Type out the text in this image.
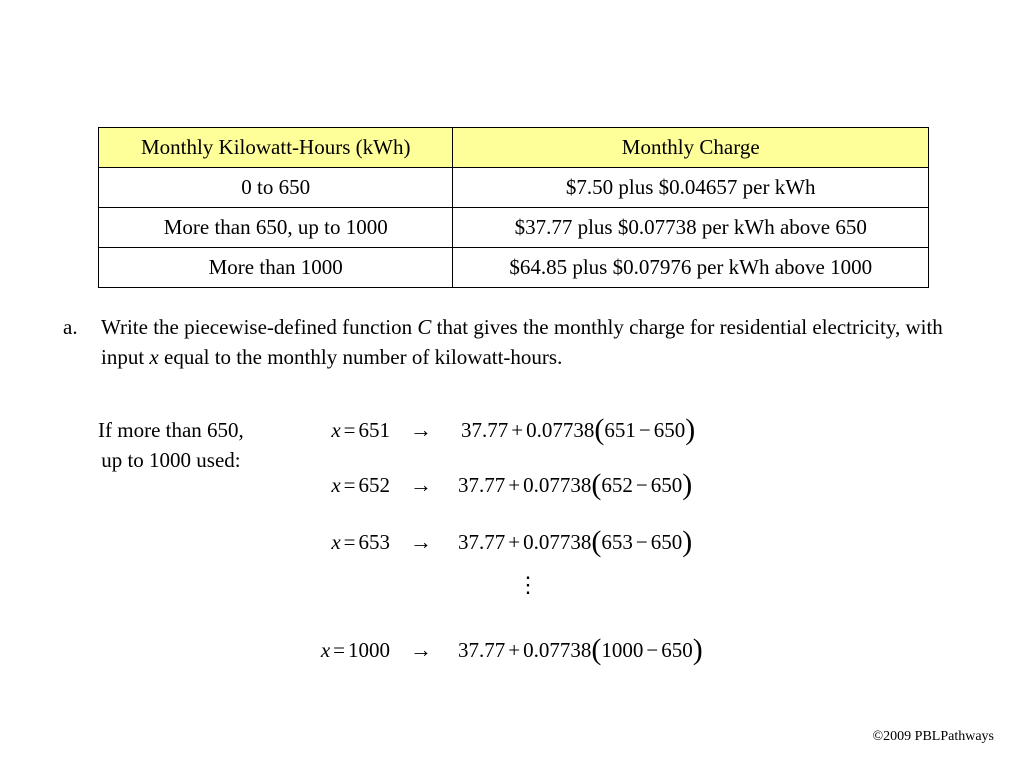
Monthly Kilowatt-Hours (kWh)	Monthly Charge
0 to 650	$7.50 plus $0.04657 per kWh
More than 650, up to 1000	$37.77 plus $0.07738 per kWh above 650
More than 1000	$64.85 plus $0.07976 per kWh above 1000
a. Write the piecewise-defined function C that gives the monthly charge for residential electricity, with input x equal to the monthly number of kilowatt-hours.
If more than 650,
up to 1000 used:
x = 651 → 37.77 + 0.07738(651 − 650)
x = 652 → 37.77 + 0.07738(652 − 650)
x = 653 → 37.77 + 0.07738(653 − 650)
⋮
x = 1000 → 37.77 + 0.07738(1000 − 650)
©2009 PBLPathways
